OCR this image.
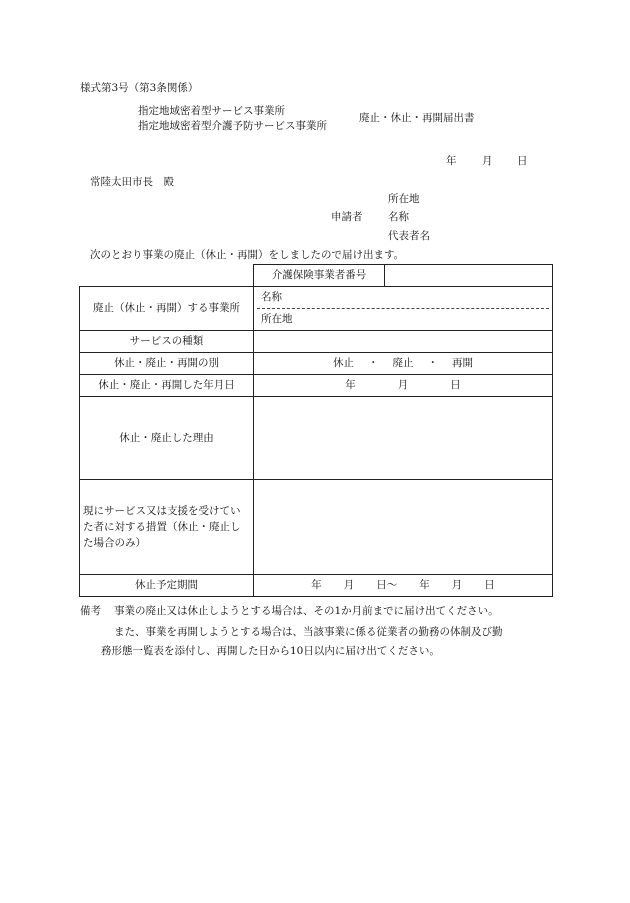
様式第3号（第3条関係）
指定地域密着型サービス事業所
指定地域密着型介護予防サービス事業所
廃止・休止・再開届出書
年 月 日
常陸太田市長　殿
所在地
申請者 名称
代表者名
次のとおり事業の廃止（休止・再開）をしましたので届け出ます。
	介護保険事業者番号	
廃止（休止・再開）する事業所	名称
所在地	

サービスの種類		
休止・廃止・再開の別	休止 ・ 廃止 ・ 再開	
休止・廃止・再開した年月日	年 月 日	
休止・廃止した理由		
現にサービス又は支援を受けていた者に対する措置（休止・廃止した場合のみ）		
休止予定期間	年 月 日〜 年 月 日	
備考 事業の廃止又は休止しようとする場合は、その1か月前までに届け出てください。
また、事業を再開しようとする場合は、当該事業に係る従業者の勤務の体制及び勤
務形態一覧表を添付し、再開した日から10日以内に届け出てください。
